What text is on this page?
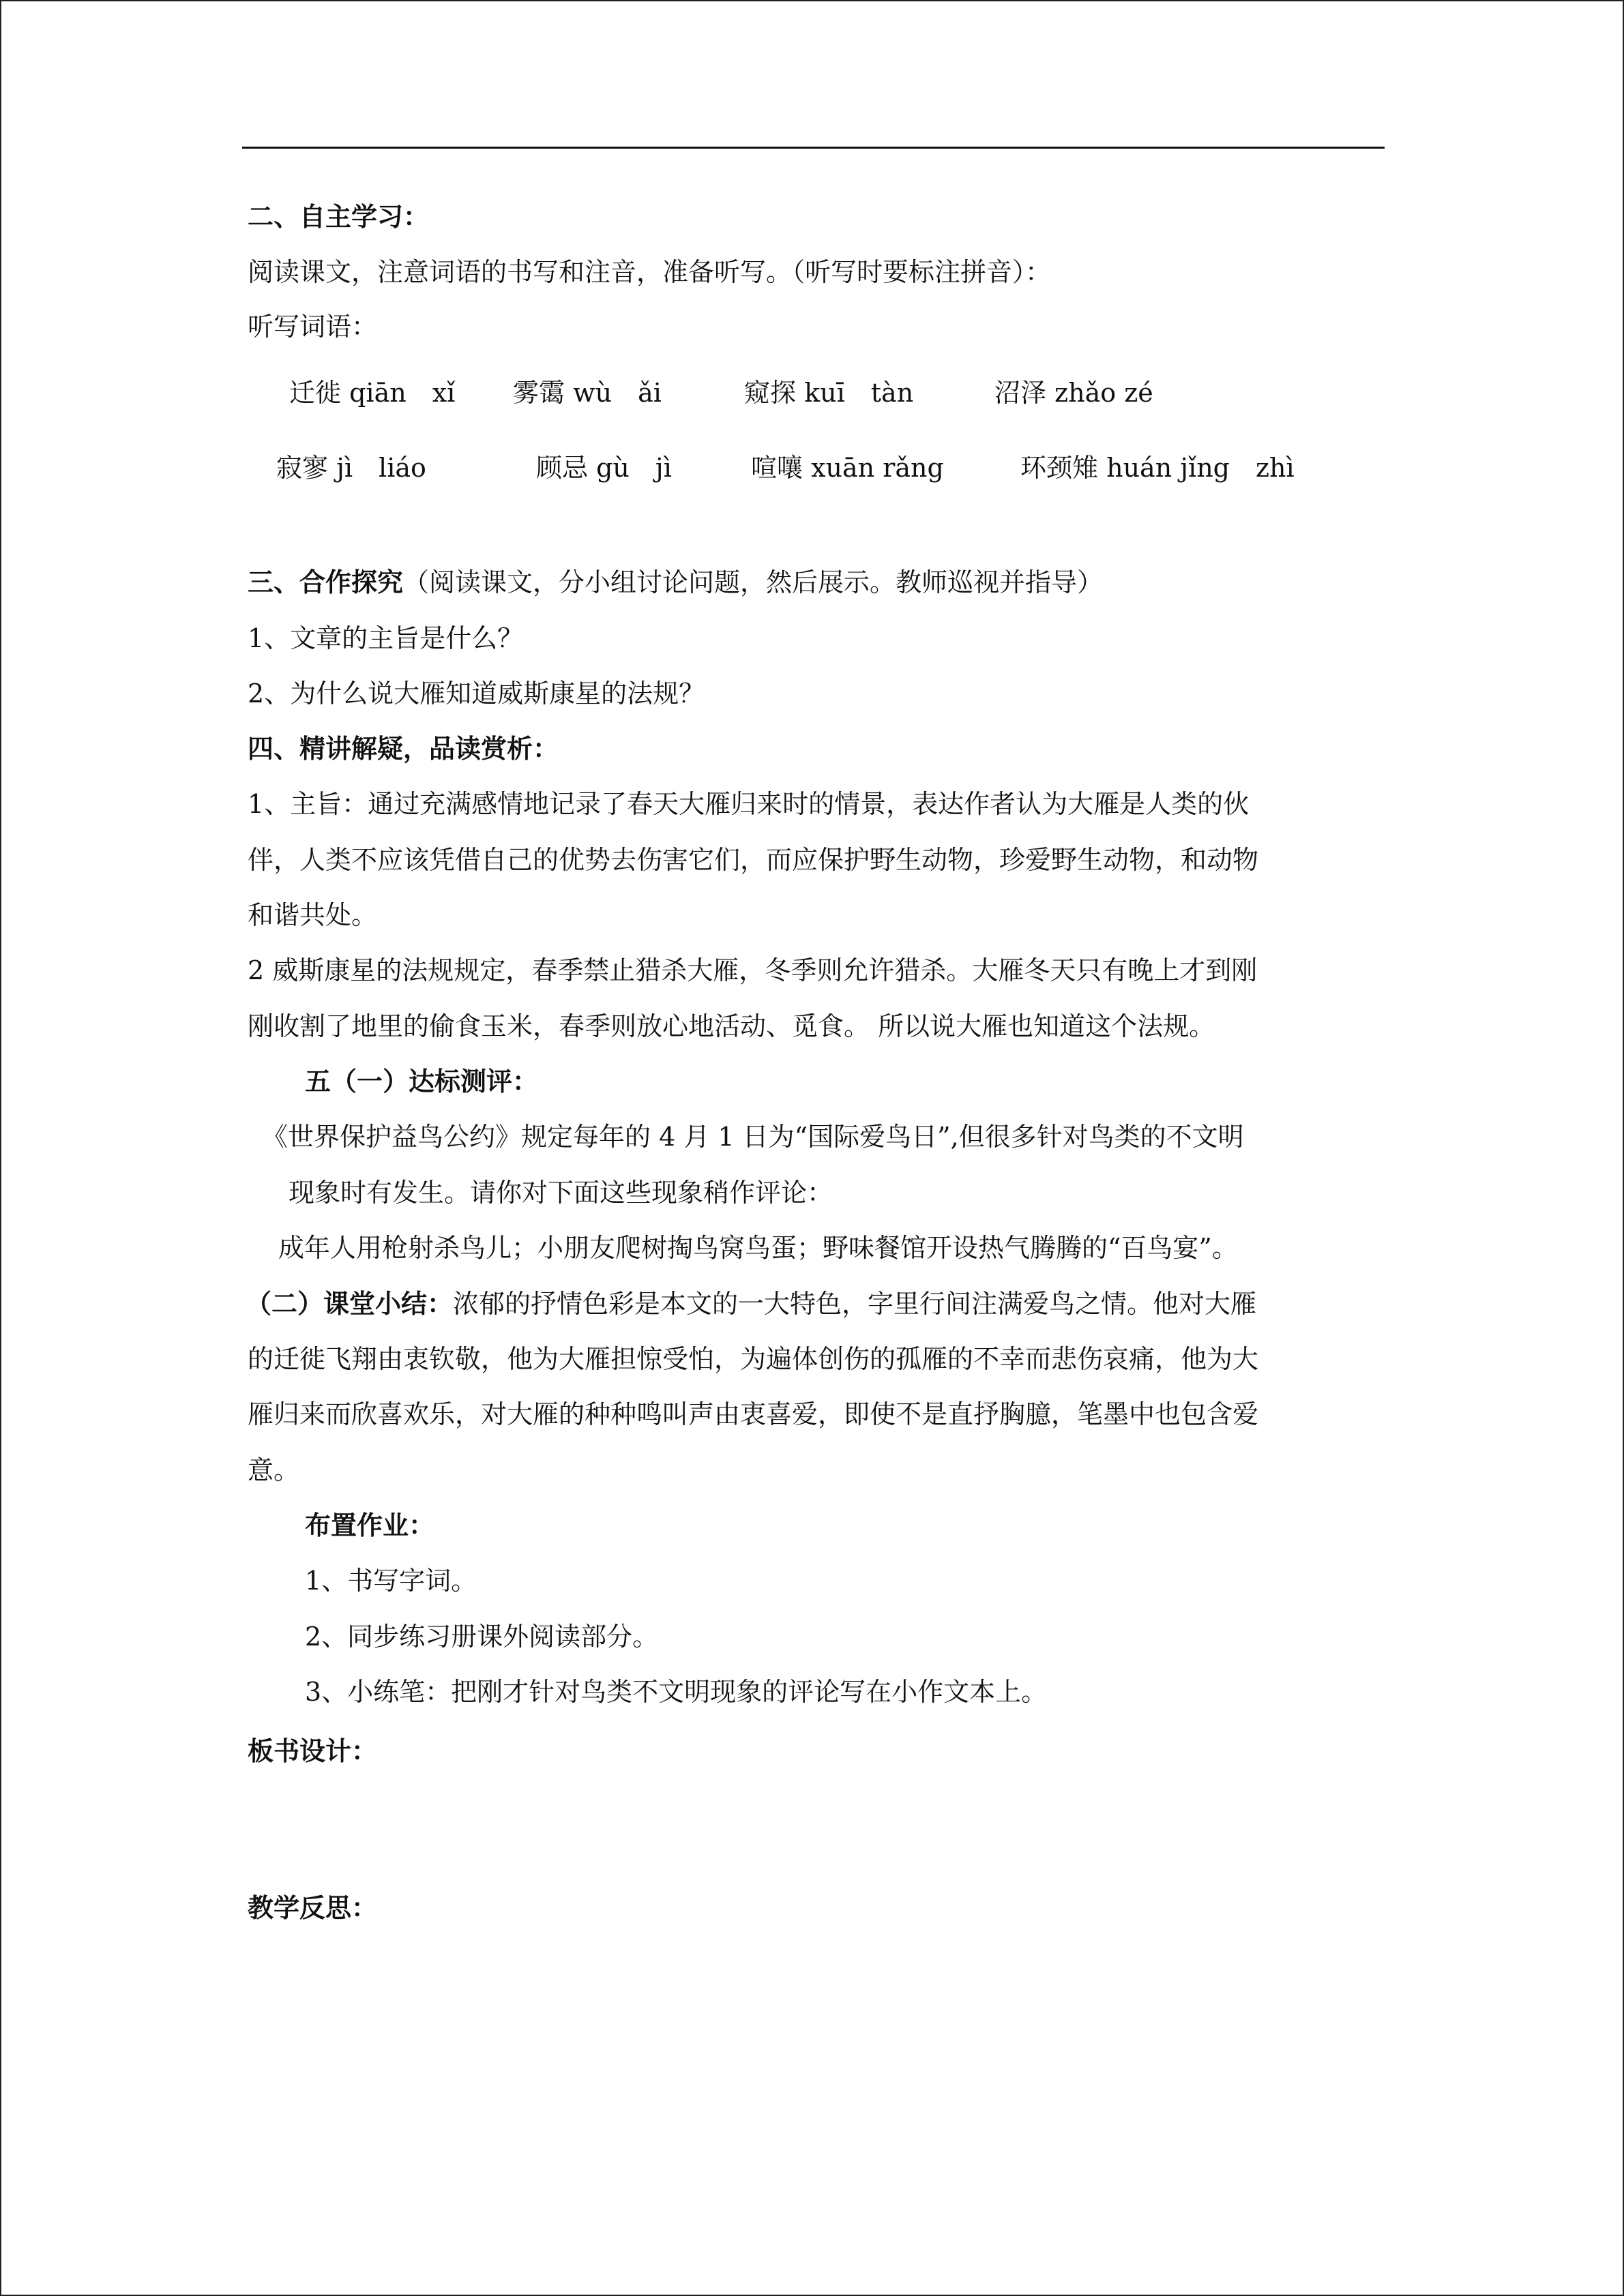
二、自主学习：
阅读课文，注意词语的书写和注音，准备听写。（听写时要标注拼音）：
听写词语：
迁徙 qiān　xǐ 雾霭 wù　ǎi	窥探 kuī　tàn	沼泽 zhǎo zé
寂寥 jì　liáo	顾忌 gù　jì	喧嚷 xuān rǎng	环颈雉 huán jǐng　zhì
三、合作探究（阅读课文，分小组讨论问题，然后展示。教师巡视并指导）
1、文章的主旨是什么？
2、为什么说大雁知道威斯康星的法规？
四、精讲解疑，品读赏析：
1、主旨：通过充满感情地记录了春天大雁归来时的情景，表达作者认为大雁是人类的伙
伴，人类不应该凭借自己的优势去伤害它们，而应保护野生动物，珍爱野生动物，和动物
和谐共处。
2 威斯康星的法规规定，春季禁止猎杀大雁，冬季则允许猎杀。大雁冬天只有晚上才到刚
刚收割了地里的偷食玉米，春季则放心地活动、觅食。 所以说大雁也知道这个法规。
五（一）达标测评：
《世界保护益鸟公约》规定每年的 4 月 1 日为“国际爱鸟日”,但很多针对鸟类的不文明
现象时有发生。请你对下面这些现象稍作评论：
成年人用枪射杀鸟儿；小朋友爬树掏鸟窝鸟蛋；野味餐馆开设热气腾腾的“百鸟宴”。
（二）课堂小结：浓郁的抒情色彩是本文的一大特色，字里行间注满爱鸟之情。他对大雁
的迁徙飞翔由衷钦敬，他为大雁担惊受怕，为遍体创伤的孤雁的不幸而悲伤哀痛，他为大
雁归来而欣喜欢乐，对大雁的种种鸣叫声由衷喜爱，即使不是直抒胸臆，笔墨中也包含爱
意。
布置作业：
1、书写字词。
2、同步练习册课外阅读部分。
3、小练笔：把刚才针对鸟类不文明现象的评论写在小作文本上。
板书设计：
教学反思：
